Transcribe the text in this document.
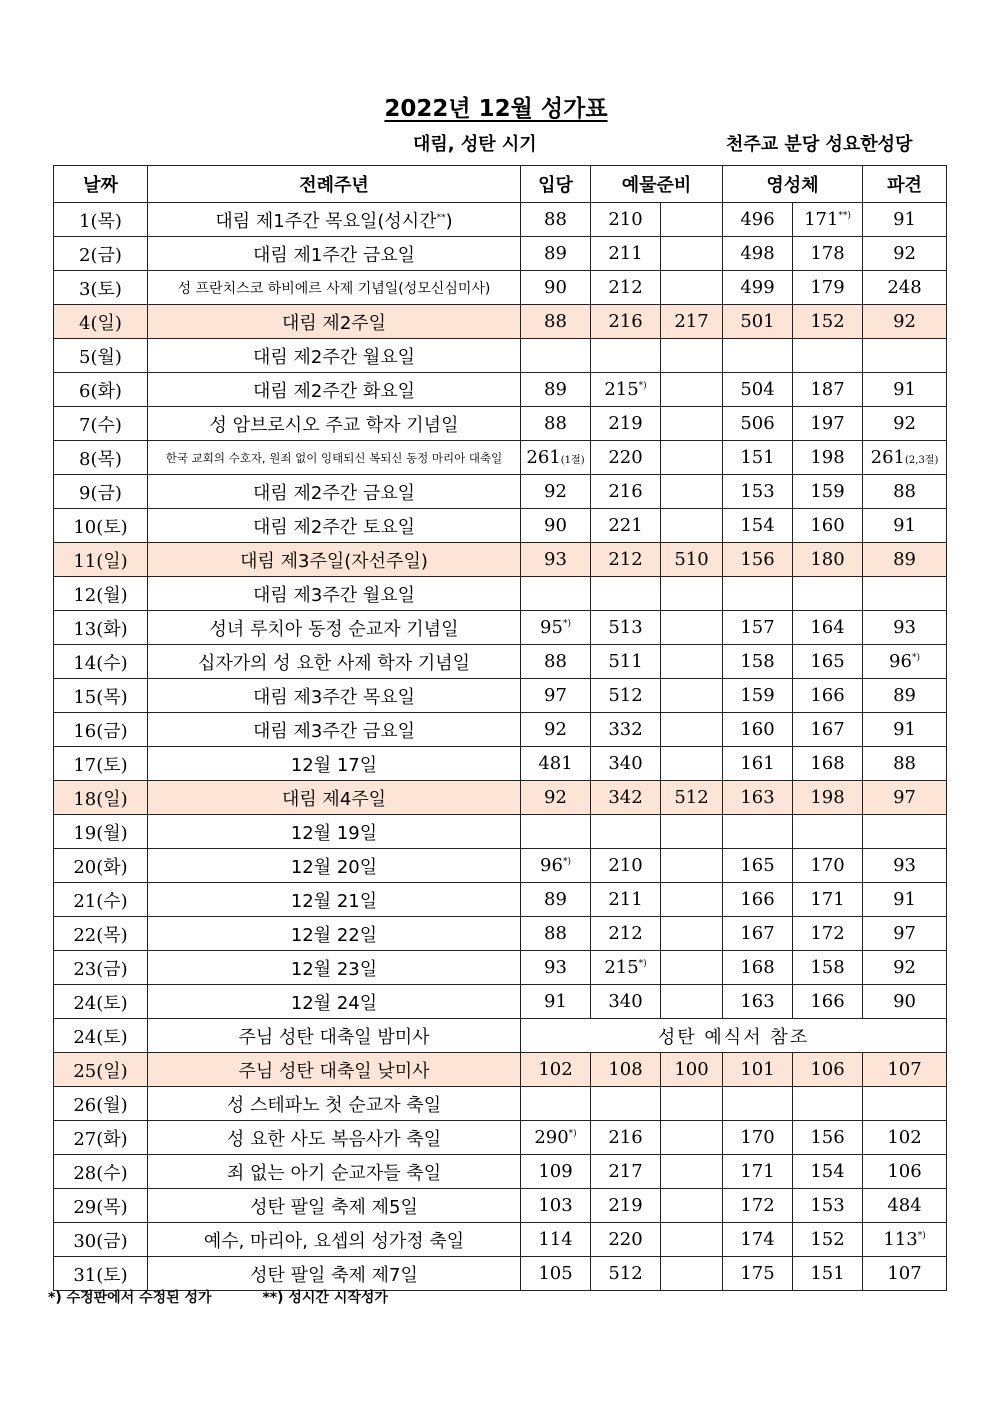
2022년 12월 성가표
대림, 성탄 시기	천주교 분당 성요한성당
날짜	전례주년	입당	예물준비		영성체		파견
1(목)	대림 제1주간 목요일(성시간**)	88	210		496	171**)	91
2(금)	대림 제1주간 금요일	89	211		498	178	92
3(토)	성 프란치스코 하비에르 사제 기념일(성모신심미사)	90	212		499	179	248
4(일)	대림 제2주일	88	216	217	501	152	92
5(월)	대림 제2주간 월요일						
6(화)	대림 제2주간 화요일	89	215*)		504	187	91
7(수)	성 암브로시오 주교 학자 기념일	88	219		506	197	92
8(목)	한국 교회의 수호자, 원죄 없이 잉태되신 복되신 동정 마리아 대축일	261(1절)	220		151	198	261(2,3절)
9(금)	대림 제2주간 금요일	92	216		153	159	88
10(토)	대림 제2주간 토요일	90	221		154	160	91
11(일)	대림 제3주일(자선주일)	93	212	510	156	180	89
12(월)	대림 제3주간 월요일						
13(화)	성녀 루치아 동정 순교자 기념일	95*)	513		157	164	93
14(수)	십자가의 성 요한 사제 학자 기념일	88	511		158	165	96*)
15(목)	대림 제3주간 목요일	97	512		159	166	89
16(금)	대림 제3주간 금요일	92	332		160	167	91
17(토)	12월 17일	481	340		161	168	88
18(일)	대림 제4주일	92	342	512	163	198	97
19(월)	12월 19일						
20(화)	12월 20일	96*)	210		165	170	93
21(수)	12월 21일	89	211		166	171	91
22(목)	12월 22일	88	212		167	172	97
23(금)	12월 23일	93	215*)		168	158	92
24(토)	12월 24일	91	340		163	166	90
24(토)	주님 성탄 대축일 밤미사	성탄 예식서 참조					
25(일)	주님 성탄 대축일 낮미사	102	108	100	101	106	107
26(월)	성 스테파노 첫 순교자 축일						
27(화)	성 요한 사도 복음사가 축일	290*)	216		170	156	102
28(수)	죄 없는 아기 순교자들 축일	109	217		171	154	106
29(목)	성탄 팔일 축제 제5일	103	219		172	153	484
30(금)	예수, 마리아, 요셉의 성가정 축일	114	220		174	152	113*)
31(토)	성탄 팔일 축제 제7일	105	512		175	151	107
*) 수정판에서 수정된 성가	**) 성시간 시작성가
